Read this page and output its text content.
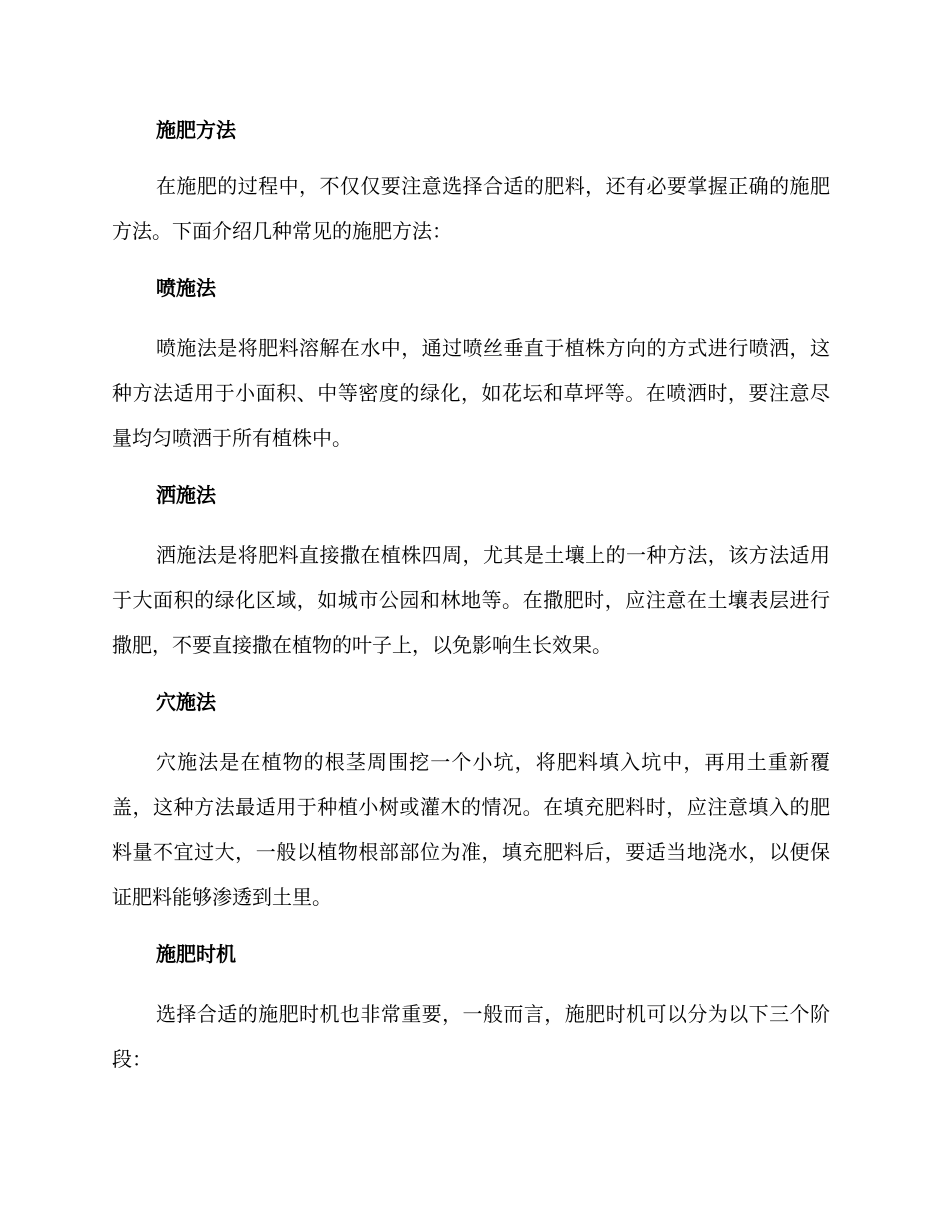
施肥方法

在施肥的过程中，不仅仅要注意选择合适的肥料，还有必要掌握正确的施肥方法。下面介绍几种常见的施肥方法：

喷施法

喷施法是将肥料溶解在水中，通过喷丝垂直于植株方向的方式进行喷洒，这种方法适用于小面积、中等密度的绿化，如花坛和草坪等。在喷洒时，要注意尽量均匀喷洒于所有植株中。

洒施法

洒施法是将肥料直接撒在植株四周，尤其是土壤上的一种方法，该方法适用于大面积的绿化区域，如城市公园和林地等。在撒肥时，应注意在土壤表层进行撒肥，不要直接撒在植物的叶子上，以免影响生长效果。

穴施法

穴施法是在植物的根茎周围挖一个小坑，将肥料填入坑中，再用土重新覆盖，这种方法最适用于种植小树或灌木的情况。在填充肥料时，应注意填入的肥料量不宜过大，一般以植物根部部位为准，填充肥料后，要适当地浇水，以便保证肥料能够渗透到土里。

施肥时机

选择合适的施肥时机也非常重要，一般而言，施肥时机可以分为以下三个阶段：
